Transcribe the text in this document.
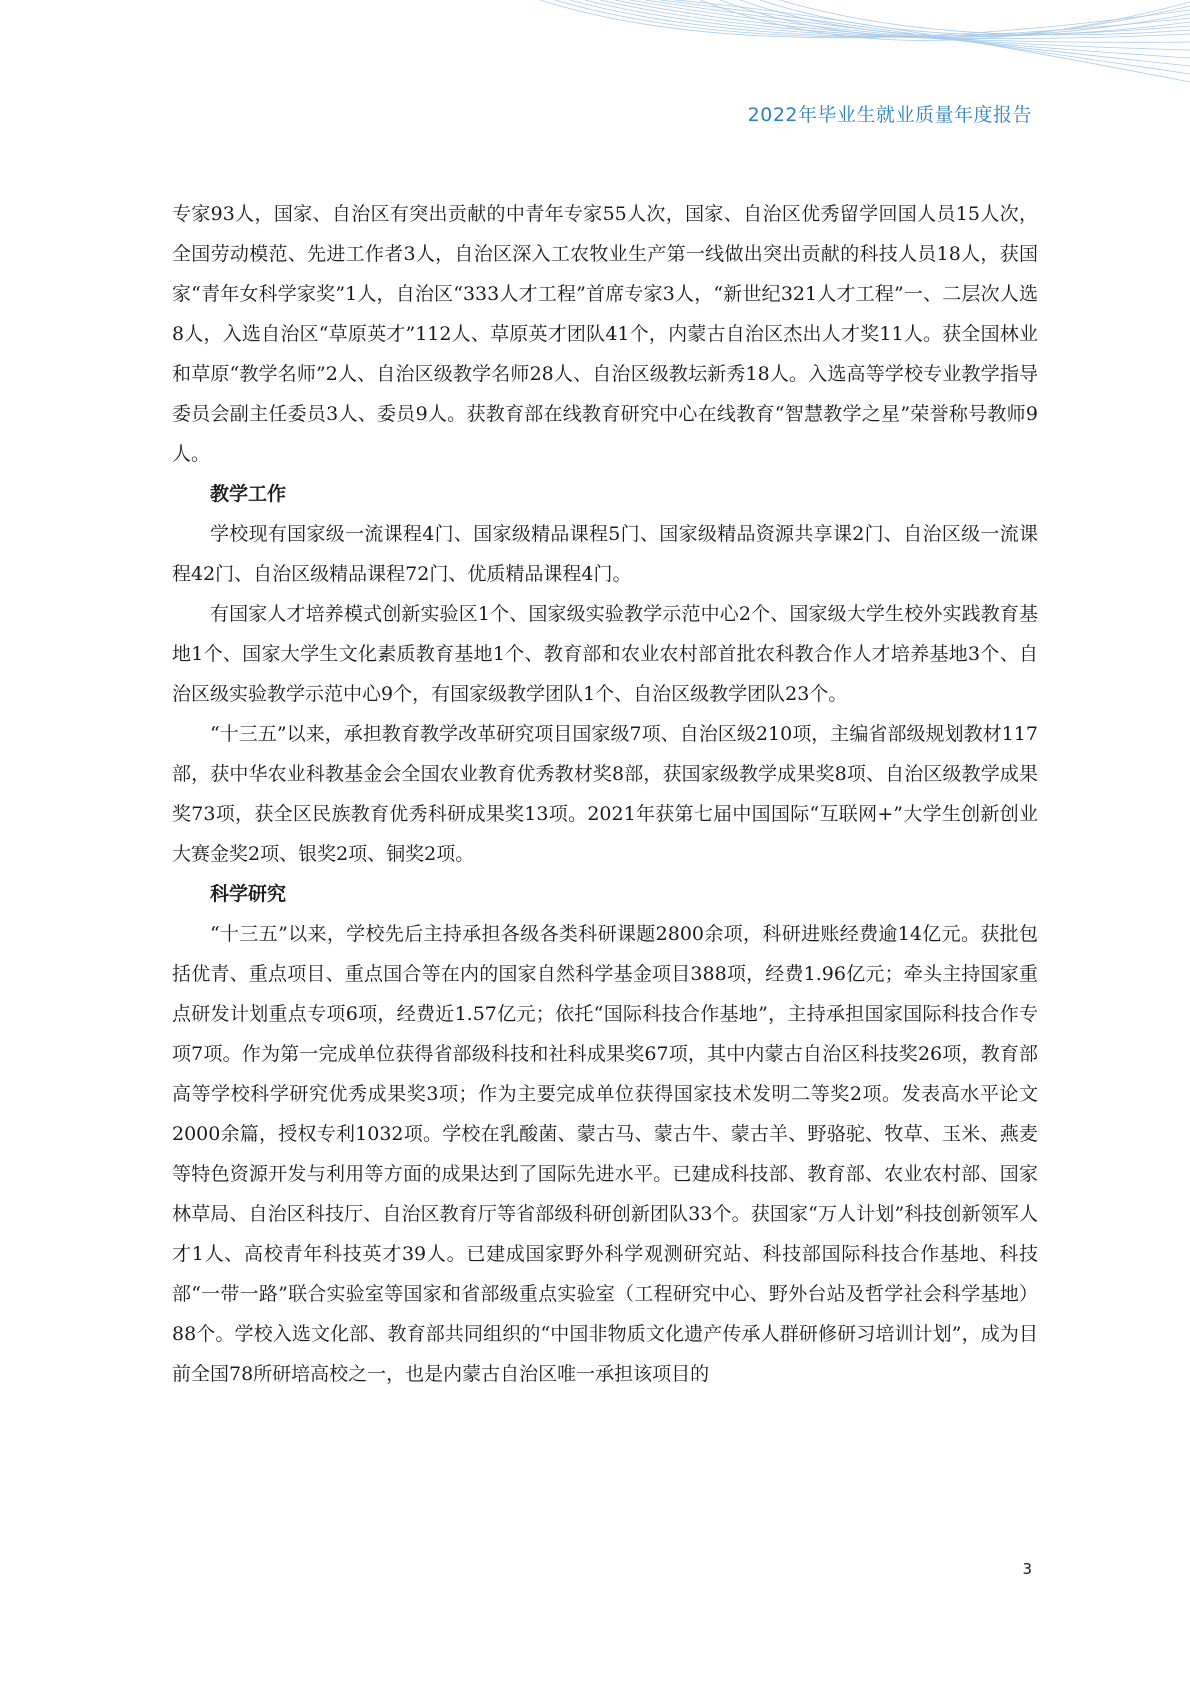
2022年毕业生就业质量年度报告

专家93人，国家、自治区有突出贡献的中青年专家55人次，国家、自治区优秀留学回国人员15人次，全国劳动模范、先进工作者3人，自治区深入工农牧业生产第一线做出突出贡献的科技人员18人，获国家“青年女科学家奖”1人，自治区“333人才工程”首席专家3人，“新世纪321人才工程”一、二层次人选8人，入选自治区“草原英才”112人、草原英才团队41个，内蒙古自治区杰出人才奖11人。获全国林业和草原“教学名师”2人、自治区级教学名师28人、自治区级教坛新秀18人。入选高等学校专业教学指导委员会副主任委员3人、委员9人。获教育部在线教育研究中心在线教育“智慧教学之星”荣誉称号教师9人。

教学工作

学校现有国家级一流课程4门、国家级精品课程5门、国家级精品资源共享课2门、自治区级一流课程42门、自治区级精品课程72门、优质精品课程4门。

有国家人才培养模式创新实验区1个、国家级实验教学示范中心2个、国家级大学生校外实践教育基地1个、国家大学生文化素质教育基地1个、教育部和农业农村部首批农科教合作人才培养基地3个、自治区级实验教学示范中心9个，有国家级教学团队1个、自治区级教学团队23个。

“十三五”以来，承担教育教学改革研究项目国家级7项、自治区级210项，主编省部级规划教材117部，获中华农业科教基金会全国农业教育优秀教材奖8部，获国家级教学成果奖8项、自治区级教学成果奖73项，获全区民族教育优秀科研成果奖13项。2021年获第七届中国国际“互联网+”大学生创新创业大赛金奖2项、银奖2项、铜奖2项。

科学研究

“十三五”以来，学校先后主持承担各级各类科研课题2800余项，科研进账经费逾14亿元。获批包括优青、重点项目、重点国合等在内的国家自然科学基金项目388项，经费1.96亿元；牵头主持国家重点研发计划重点专项6项，经费近1.57亿元；依托“国际科技合作基地”，主持承担国家国际科技合作专项7项。作为第一完成单位获得省部级科技和社科成果奖67项，其中内蒙古自治区科技奖26项，教育部高等学校科学研究优秀成果奖3项；作为主要完成单位获得国家技术发明二等奖2项。发表高水平论文2000余篇，授权专利1032项。学校在乳酸菌、蒙古马、蒙古牛、蒙古羊、野骆驼、牧草、玉米、燕麦等特色资源开发与利用等方面的成果达到了国际先进水平。已建成科技部、教育部、农业农村部、国家林草局、自治区科技厅、自治区教育厅等省部级科研创新团队33个。获国家“万人计划”科技创新领军人才1人、高校青年科技英才39人。已建成国家野外科学观测研究站、科技部国际科技合作基地、科技部“一带一路”联合实验室等国家和省部级重点实验室（工程研究中心、野外台站及哲学社会科学基地）88个。学校入选文化部、教育部共同组织的“中国非物质文化遗产传承人群研修研习培训计划”，成为目前全国78所研培高校之一，也是内蒙古自治区唯一承担该项目的

3
